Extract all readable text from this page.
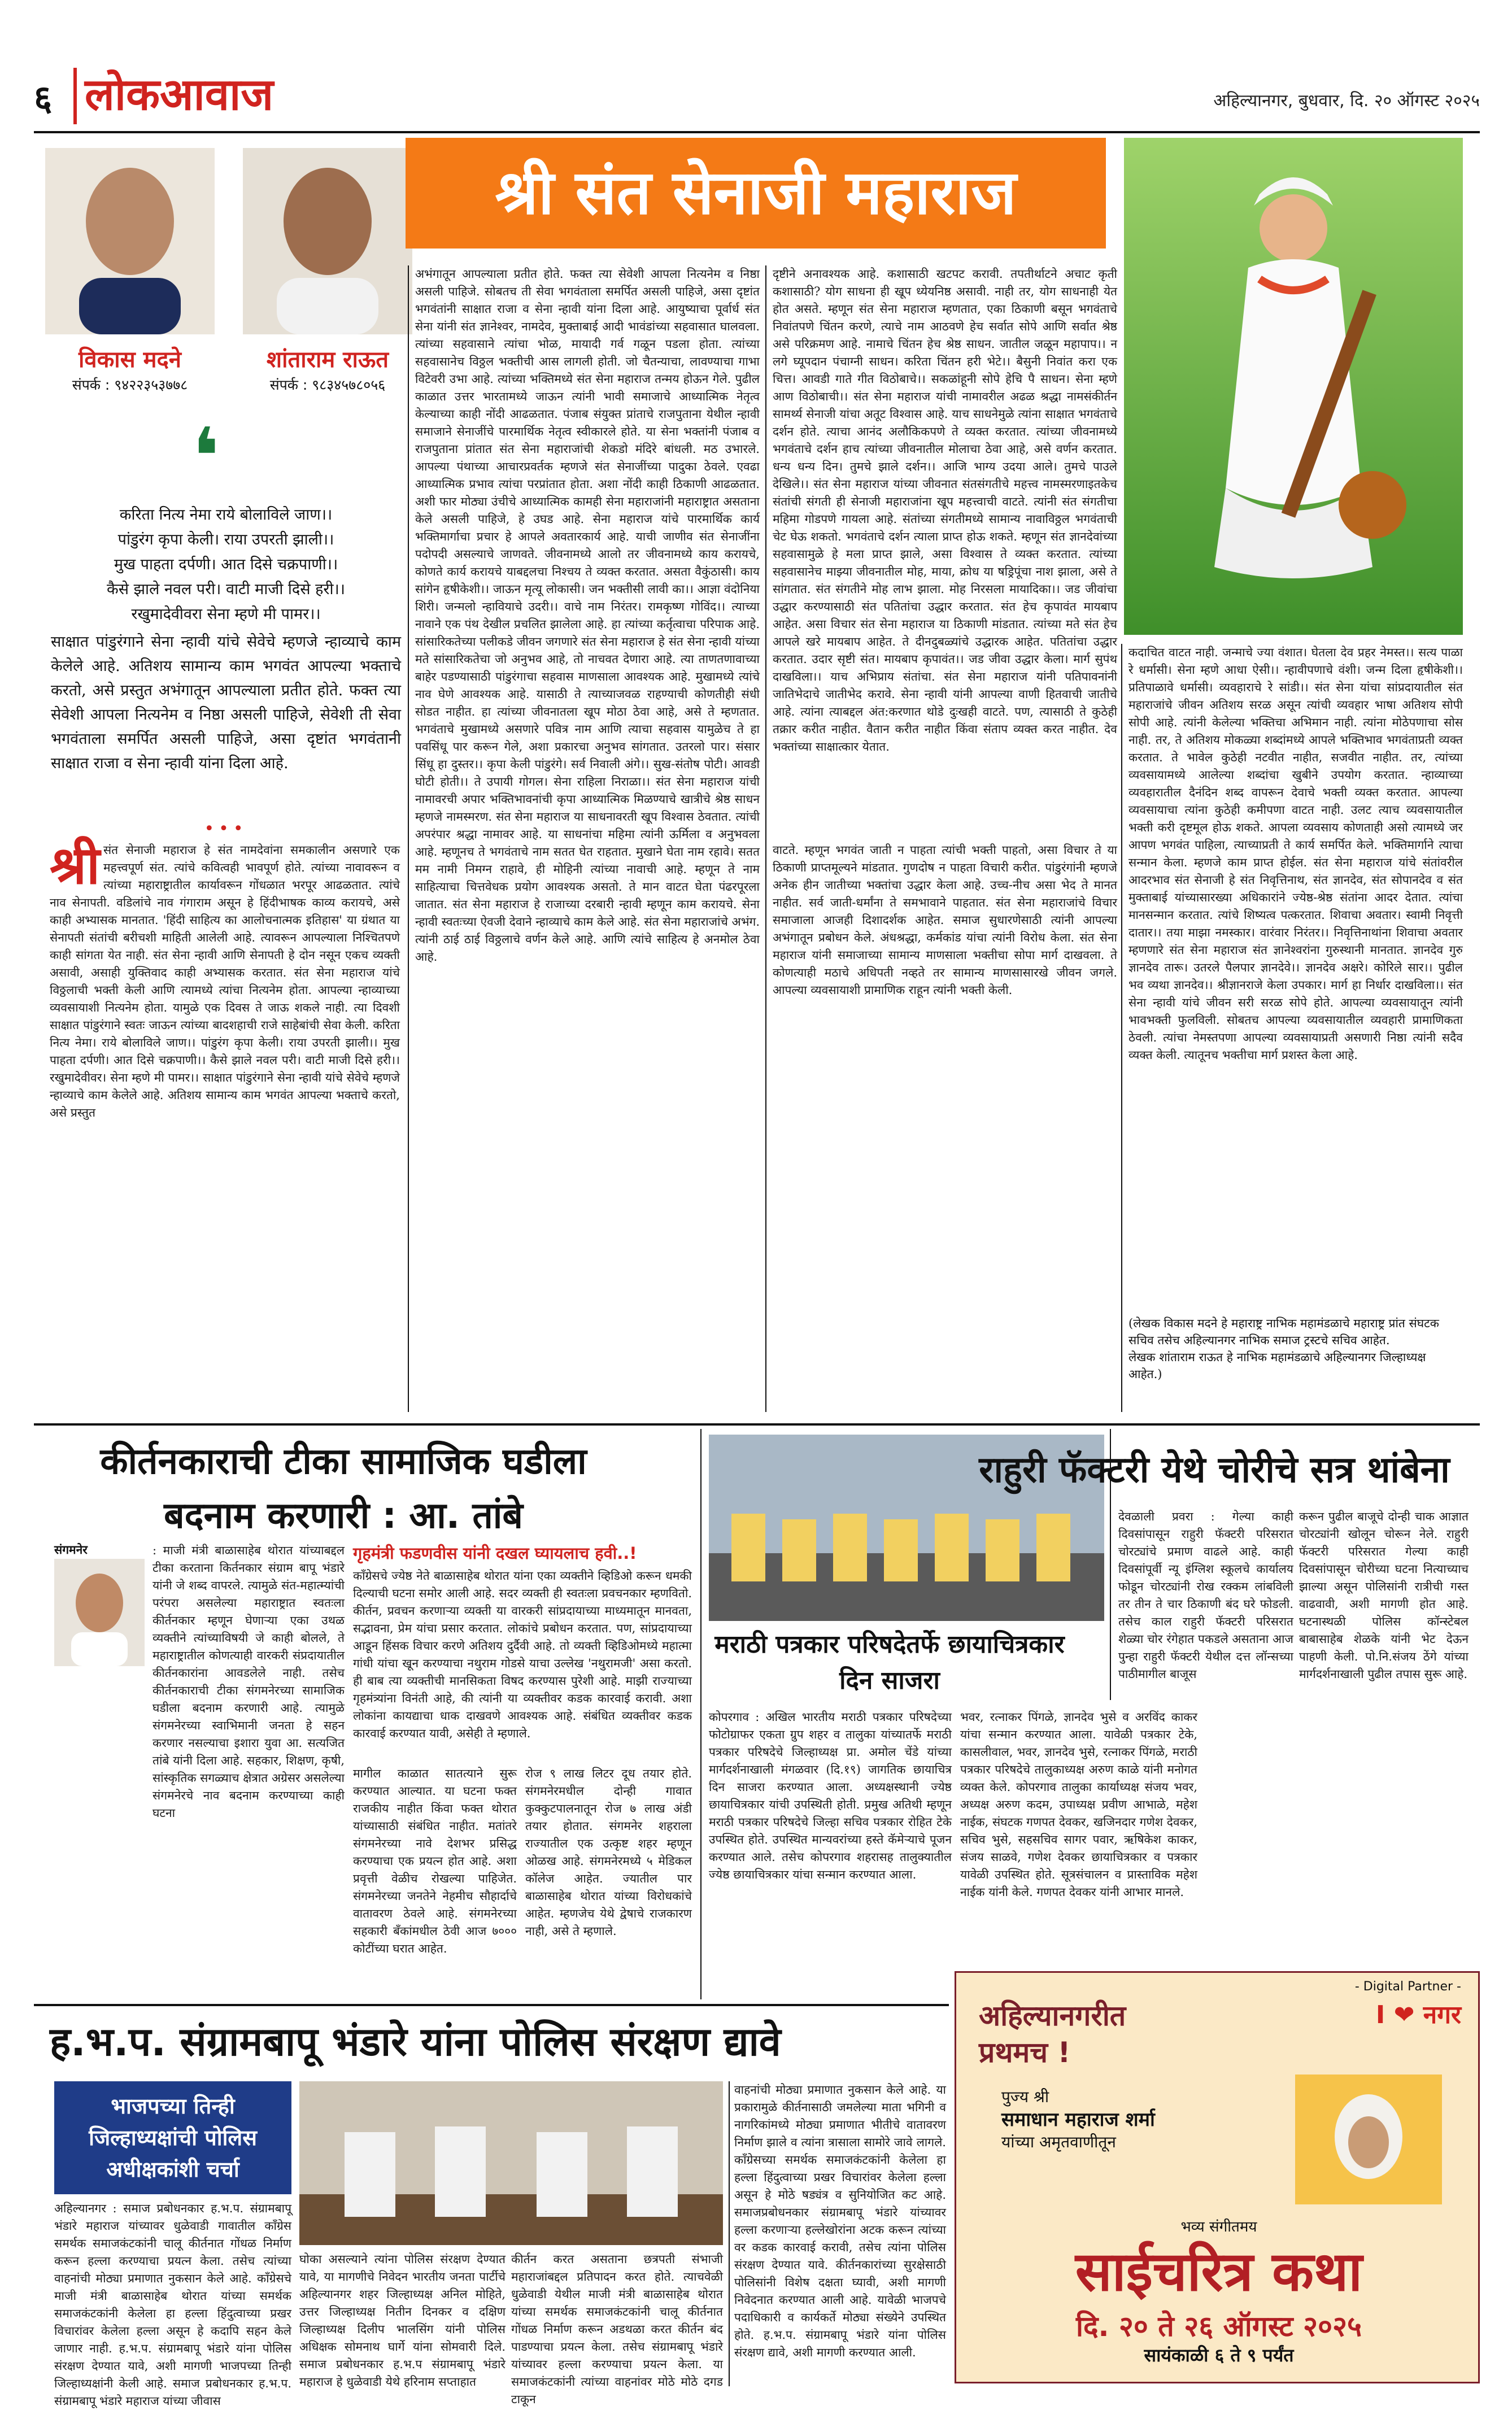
६ लोकआवाज	अहिल्यानगर, बुधवार, दि. २० ऑगस्ट २०२५
विकास मदने
संपर्क : ९४२२३५३७७८
शांताराम राऊत
संपर्क : ९८३४५७८०५६
❛
करिता नित्य नेमा राये बोलाविले जाण।।
पांडुरंग कृपा केली। राया उपरती झाली।।
मुख पाहता दर्पणी। आत दिसे चक्रपाणी।।
कैसे झाले नवल परी। वाटी माजी दिसे हरी।।
रखुमादेवीवरा सेना म्हणे मी पामर।।
साक्षात पांडुरंगाने सेना न्हावी यांचे सेवेचे म्हणजे न्हाव्याचे काम केलेले आहे. अतिशय सामान्य काम भगवंत आपल्या भक्ताचे करतो, असे प्रस्तुत अभंगातून आपल्याला प्रतीत होते. फक्त त्या सेवेशी आपला नित्यनेम व निष्ठा असली पाहिजे, सेवेशी ती सेवा भगवंताला समर्पित असली पाहिजे, असा दृष्टांत भगवंतानी साक्षात राजा व सेना न्हावी यांना दिला आहे.
•••
श्री संत सेनाजी महाराज
श्री संत सेनाजी महाराज हे संत नामदेवांना समकालीन असणारे एक महत्त्वपूर्ण संत. त्यांचे कवित्वही भावपूर्ण होते. त्यांच्या नावावरून व त्यांच्या महाराष्ट्रातील कार्यावरून गोंधळात भरपूर आढळतात. त्यांचे नाव सेनापती. वडिलांचे नाव गंगाराम असून हे हिंदीभाषक काव्य करायचे, असे काही अभ्यासक मानतात. 'हिंदी साहित्य का आलोचनात्मक इतिहास' या ग्रंथात या सेनापती संतांची बरीचशी माहिती आलेली आहे. त्यावरून आपल्याला निश्चितपणे काही सांगता येत नाही. संत सेना न्हावी आणि सेनापती हे दोन नसून एकच व्यक्ती असावी, असाही युक्तिवाद काही अभ्यासक करतात. संत सेना महाराज यांचे विठ्ठलाची भक्ती केली आणि त्यामध्ये त्यांचा नित्यनेम होता. आपल्या न्हाव्याच्या व्यवसायाशी नित्यनेम होता. यामुळे एक दिवस ते जाऊ शकले नाही. त्या दिवशी साक्षात पांडुरंगाने स्वतः जाऊन त्यांच्या बादशहाची राजे साहेबांची सेवा केली. करिता नित्य नेमा। राये बोलाविले जाण।। पांडुरंग कृपा केली। राया उपरती झाली।। मुख पाहता दर्पणी। आत दिसे चक्रपाणी।। कैसे झाले नवल परी। वाटी माजी दिसे हरी।। रखुमादेवीवर। सेना म्हणे मी पामर।। साक्षात पांडुरंगाने सेना न्हावी यांचे सेवेचे म्हणजे न्हाव्याचे काम केलेले आहे. अतिशय सामान्य काम भगवंत आपल्या भक्ताचे करतो, असे प्रस्तुत
अभंगातून आपल्याला प्रतीत होते. फक्त त्या सेवेशी आपला नित्यनेम व निष्ठा असली पाहिजे. सोबतच ती सेवा भगवंताला समर्पित असली पाहिजे, असा दृष्टांत भगवंतांनी साक्षात राजा व सेना न्हावी यांना दिला आहे. आयुष्याचा पूर्वार्ध संत सेना यांनी संत ज्ञानेश्वर, नामदेव, मुक्ताबाई आदी भावंडांच्या सहवासात घालवला. त्यांच्या सहवासाने त्यांचा भोळ, मायादी गर्व गळून पडला होता. त्यांच्या सहवासानेच विठ्ठल भक्तीची आस लागली होती. जो चैतन्याचा, लावण्याचा गाभा विटेवरी उभा आहे. त्यांच्या भक्तिमध्ये संत सेना महाराज तन्मय होऊन गेले. पुढील काळात उत्तर भारतामध्ये जाऊन त्यांनी भावी समाजाचे आध्यात्मिक नेतृत्व केल्याच्या काही नोंदी आढळतात. पंजाब संयुक्त प्रांताचे राजपुताना येथील न्हावी समाजाने सेनाजींचे पारमार्थिक नेतृत्व स्वीकारले होते. या सेना भक्तांनी पंजाब व राजपुताना प्रांतात संत सेना महाराजांची शेकडो मंदिरे बांधली. मठ उभारले. आपल्या पंथाच्या आचारप्रवर्तक म्हणजे संत सेनाजींच्या पादुका ठेवले. एवढा आध्यात्मिक प्रभाव त्यांचा परप्रांतात होता. अशा नोंदी काही ठिकाणी आढळतात. अशी फार मोठ्या उंचीचे आध्यात्मिक कामही सेना महाराजांनी महाराष्ट्रात असताना केले असली पाहिजे, हे उघड आहे. सेना महाराज यांचे पारमार्थिक कार्य भक्तिमार्गाचा प्रचार हे आपले अवतारकार्य आहे. याची जाणीव संत सेनाजींना पदोपदी असल्याचे जाणवते. जीवनामध्ये आलो तर जीवनामध्ये काय करायचे, कोणते कार्य करायचे याबद्दलचा निश्चय ते व्यक्त करतात. असता वैकुंठासी। काय सांगेन हृषीकेशी।। जाऊन मृत्यू लोकासी। जन भक्तीसी लावी का।। आज्ञा वंदोनिया शिरी। जन्मलो न्हावियाचे उदरी।। वाचे नाम निरंतर। रामकृष्ण गोविंद।। त्याच्या नावाने एक पंथ देखील प्रचलित झालेला आहे. हा त्यांच्या कर्तृत्वाचा परिपाक आहे. सांसारिकतेच्या पलीकडे जीवन जगणारे संत सेना महाराज हे संत सेना न्हावी यांच्या मते सांसारिकतेचा जो अनुभव आहे, तो नाचवत देणारा आहे. त्या ताणतणावाच्या बाहेर पडण्यासाठी पांडुरंगाचा सहवास माणसाला आवश्यक आहे. मुखामध्ये त्यांचे नाव घेणे आवश्यक आहे. यासाठी ते त्याच्याजवळ राहण्याची कोणतीही संधी सोडत नाहीत. हा त्यांच्या जीवनातला खूप मोठा ठेवा आहे, असे ते म्हणतात. भगवंताचे मुखामध्ये असणारे पवित्र नाम आणि त्याचा सहवास यामुळेच ते हा पवसिंधू पार करून गेले, अशा प्रकारचा अनुभव सांगतात. उतरलो पार। संसार सिंधू हा दुस्तर।। कृपा केली पांडुरंगे। सर्व निवाली अंगे।। सुख-संतोष पोटी। आवडी घोटी होती।। ते उपायी गोगल। सेना राहिला निराळा।। संत सेना महाराज यांची नामावरची अपार भक्तिभावनांची कृपा आध्यात्मिक मिळण्याचे खात्रीचे श्रेष्ठ साधन म्हणजे नामस्मरण. संत सेना महाराज या साधनावरती खूप विश्वास ठेवतात. त्यांची अपरंपार श्रद्धा नामावर आहे. या साधनांचा महिमा त्यांनी ऊर्मिला व अनुभवला आहे. म्हणूनच ते भगवंताचे नाम सतत घेत राहतात. मुखाने घेता नाम रहावे। सतत मम नामी निमग्न राहावे, ही मोहिनी त्यांच्या नावाची आहे. म्हणून ते नाम साहित्याचा चित्तवेधक प्रयोग आवश्यक असतो. ते मान वाटत घेता पंढरपूरला जातात. संत सेना महाराज हे राजाच्या दरबारी न्हावी म्हणून काम करायचे. सेना न्हावी स्वतःच्या ऐवजी देवाने न्हाव्याचे काम केले आहे. संत सेना महाराजांचे अभंग. त्यांनी ठाई ठाई विठ्ठलाचे वर्णन केले आहे. आणि त्यांचे साहित्य हे अनमोल ठेवा आहे.
दृष्टीने अनावश्यक आहे. कशासाठी खटपट करावी. तपतीर्थाटने अचाट कृती कशासाठी? योग साधना ही खूप ध्येयनिष्ठ असावी. नाही तर, योग साधनाही येत होत असते. म्हणून संत सेना महाराज म्हणतात, एका ठिकाणी बसून भगवंताचे निवांतपणे चिंतन करणे, त्याचे नाम आठवणे हेच सर्वात सोपे आणि सर्वात श्रेष्ठ असे परिक्रमण आहे. नामाचे चिंतन हेच श्रेष्ठ साधन. जातील जळून महापाप।। न लगे घ्यूपदान पंचाग्नी साधन। करिता चिंतन हरी भेटे।। बैसुनी निवांत करा एक चित्त। आवडी गाते गीत विठोबाचे।। सकळांहूनी सोपे हेचि पै साधन। सेना म्हणे आण विठोबाची।। संत सेना महाराज यांची नामावरील अढळ श्रद्धा नामसंकीर्तन सामर्थ्य सेनाजी यांचा अतूट विश्वास आहे. याच साधनेमुळे त्यांना साक्षात भगवंताचे दर्शन होते. त्याचा आनंद अलौकिकपणे ते व्यक्त करतात. त्यांच्या जीवनामध्ये भगवंताचे दर्शन हाच त्यांच्या जीवनातील मोलाचा ठेवा आहे, असे वर्णन करतात. धन्य धन्य दिन। तुमचे झाले दर्शन।। आजि भाग्य उदया आले। तुमचे पाउले देखिले।। संत सेना महाराज यांच्या जीवनात संतसंगतीचे महत्त्व नामस्मरणाइतकेच संतांची संगती ही सेनाजी महाराजांना खूप महत्त्वाची वाटते. त्यांनी संत संगतीचा महिमा गोडपणे गायला आहे. संतांच्या संगतीमध्ये सामान्य नावाविठ्ठल भगवंताची चेट घेऊ शकतो. भगवंताचे दर्शन त्याला प्राप्त होऊ शकते. म्हणून संत ज्ञानदेवांच्या सहवासामुळे हे मला प्राप्त झाले, असा विश्वास ते व्यक्त करतात. त्यांच्या सहवासानेच माझ्या जीवनातील मोह, माया, क्रोध या षड्रिपूंचा नाश झाला, असे ते सांगतात. संत संगतीने मोह लाभ झाला. मोह निरसला मायादिका।। जड जीवांचा उद्धार करण्यासाठी संत पतितांचा उद्धार करतात. संत हेच कृपावंत मायबाप आहेत. असा विचार संत सेना महाराज या ठिकाणी मांडतात. त्यांच्या मते संत हेच आपले खरे मायबाप आहेत. ते दीनदुबळ्यांचे उद्धारक आहेत. पतितांचा उद्धार करतात. उदार सृष्टी संत। मायबाप कृपावंत।। जड जीवा उद्धार केला। मार्ग सुपंथ दाखविला।। याच अभिप्राय संतांचा. संत सेना महाराज यांनी पतिपावनांनी जातिभेदाचे जातीभेद करावे. सेना न्हावी यांनी आपल्या वाणी हितवाची जातीचे आहे. त्यांना त्याबद्दल अंत:करणात थोडे दुःखही वाटते. पण, त्यासाठी ते कुठेही तक्रार करीत नाहीत. वैतान करीत नाहीत किंवा संताप व्यक्त करत नाहीत. देव भक्तांच्या साक्षात्कार येतात.
वाटते. म्हणून भगवंत जाती न पाहता त्यांची भक्ती पाहतो, असा विचार ते या ठिकाणी प्राप्तमूल्यने मांडतात. गुणदोष न पाहता विचारी करीत. पांडुरंगांनी म्हणजे अनेक हीन जातीच्या भक्तांचा उद्धार केला आहे. उच्च-नीच असा भेद ते मानत नाहीत. सर्व जाती-धर्मांना ते समभावाने पाहतात. संत सेना महाराजांचे विचार समाजाला आजही दिशादर्शक आहेत. समाज सुधारणेसाठी त्यांनी आपल्या अभंगातून प्रबोधन केले. अंधश्रद्धा, कर्मकांड यांचा त्यांनी विरोध केला. संत सेना महाराज यांनी समाजाच्या सामान्य माणसाला भक्तीचा सोपा मार्ग दाखवला. ते कोणत्याही मठाचे अधिपती नव्हते तर सामान्य माणसासारखे जीवन जगले. आपल्या व्यवसायाशी प्रामाणिक राहून त्यांनी भक्ती केली.
कदाचित वाटत नाही. जन्माचे ज्या वंशात। घेतला देव प्रहर नेमस्त।। सत्य पाळा रे धर्मासी। सेना म्हणे आधा ऐसी।। न्हावीपणाचे वंशी। जन्म दिला हृषीकेशी।। प्रतिपाळावे धर्मासी। व्यवहाराचे रे सांडी।। संत सेना यांचा सांप्रदायातील संत महाराजांचे जीवन अतिशय सरळ असून त्यांची व्यवहार भाषा अतिशय सोपी सोपी आहे. त्यांनी केलेल्या भक्तिचा अभिमान नाही. त्यांना मोठेपणाचा सोस नाही. तर, ते अतिशय मोकळ्या शब्दांमध्ये आपले भक्तिभाव भगवंताप्रती व्यक्त करतात. ते भावेल कुठेही नटवीत नाहीत, सजवीत नाहीत. तर, त्यांच्या व्यवसायामध्ये आलेल्या शब्दांचा खुबीने उपयोग करतात. न्हाव्याच्या व्यवहारातील दैनंदिन शब्द वापरून देवाचे भक्ती व्यक्त करतात. आपल्या व्यवसायाचा त्यांना कुठेही कमीपणा वाटत नाही. उलट त्याच व्यवसायातील भक्ती करी दृष्टमूल होऊ शकते. आपला व्यवसाय कोणताही असो त्यामध्ये जर आपण भगवंत पाहिला, त्याच्याप्रती ते कार्य समर्पित केले. भक्तिमार्गाने त्याचा सन्मान केला. म्हणजे काम प्राप्त होईल. संत सेना महाराज यांचे संतांवरील आदरभाव संत सेनाजी हे संत निवृत्तिनाथ, संत ज्ञानदेव, संत सोपानदेव व संत मुक्ताबाई यांच्यासारख्या अधिकारांने ज्येष्ठ-श्रेष्ठ संतांना आदर देतात. त्यांचा मानसन्मान करतात. त्यांचे शिष्यत्व पत्करतात. शिवाचा अवतार। स्वामी निवृत्ती दातार।। तया माझा नमस्कार। वारंवार निरंतर।। निवृत्तिनाथांना शिवाचा अवतार म्हणणारे संत सेना महाराज संत ज्ञानेश्वरांना गुरुस्थानी मानतात. ज्ञानदेव गुरु ज्ञानदेव तारू। उतरले पैलपार ज्ञानदेवे।। ज्ञानदेव अक्षरे। कोरिले सार।। पुढील भव व्यथा ज्ञानदेव।। श्रीज्ञानराजे केला उपकार। मार्ग हा निर्धार दाखविला।। संत सेना न्हावी यांचे जीवन सरी सरळ सोपे होते. आपल्या व्यवसायातून त्यांनी भावभक्ती फुलविली. सोबतच आपल्या व्यवसायातील व्यवहारी प्रामाणिकता ठेवली. त्यांचा नेमस्तपणा आपल्या व्यवसायाप्रती असणारी निष्ठा त्यांनी सदैव व्यक्त केली. त्यातूनच भक्तीचा मार्ग प्रशस्त केला आहे.
(लेखक विकास मदने हे महाराष्ट्र नाभिक महामंडळाचे महाराष्ट्र प्रांत संघटक सचिव तसेच अहिल्यानगर नाभिक समाज ट्रस्टचे सचिव आहेत.
लेखक शांताराम राऊत हे नाभिक महामंडळाचे अहिल्यानगर जिल्हाध्यक्ष आहेत.)
कीर्तनकाराची टीका सामाजिक घडीला बदनाम करणारी : आ. तांबे
संगमनेर	: माजी मंत्री बाळासाहेब थोरात यांच्याबद्दल टीका करताना किर्तनकार संग्राम बापू भंडारे यांनी जे शब्द वापरले. त्यामुळे संत-महात्म्यांची परंपरा असलेल्या महाराष्ट्रात स्वतःला कीर्तनकार म्हणून घेणाऱ्या एका उथळ व्यक्तीने त्यांच्याविषयी जे काही बोलले, ते महाराष्ट्रातील कोणत्याही वारकरी संप्रदायातील कीर्तनकारांना आवडलेले नाही. तसेच कीर्तनकाराची टीका संगमनेरच्या सामाजिक घडीला बदनाम करणारी आहे. त्यामुळे संगमनेरच्या स्वाभिमानी जनता हे सहन करणार नसल्याचा इशारा युवा आ. सत्यजित तांबे यांनी दिला आहे. सहकार, शिक्षण, कृषी, सांस्कृतिक सगळ्याच क्षेत्रात अग्रेसर असलेल्या संगमनेरचे नाव बदनाम करण्याच्या काही घटना
गृहमंत्री फडणवीस यांनी दखल घ्यायलाच हवी..!
काँग्रेसचे ज्येष्ठ नेते बाळासाहेब थोरात यांना एका व्यक्तीने व्हिडिओ करून धमकी दिल्याची घटना समोर आली आहे. सदर व्यक्ती ही स्वतःला प्रवचनकार म्हणवितो. कीर्तन, प्रवचन करणाऱ्या व्यक्ती या वारकरी सांप्रदायाच्या माध्यमातून मानवता, सद्भावना, प्रेम यांचा प्रसार करतात. लोकांचे प्रबोधन करतात. पण, सांप्रदायाच्या आडून हिंसक विचार करणे अतिशय दुर्दैवी आहे. तो व्यक्ती व्हिडिओमध्ये महात्मा गांधी यांचा खून करण्याचा नथुराम गोडसे याचा उल्लेख 'नथुरामजी' असा करतो. ही बाब त्या व्यक्तीची मानसिकता विषद करण्यास पुरेशी आहे. माझी राज्याच्या गृहमंत्र्यांना विनंती आहे, की त्यांनी या व्यक्तीवर कडक कारवाई करावी. अशा लोकांना कायद्याचा धाक दाखवणे आवश्यक आहे. संबंधित व्यक्तीवर कडक कारवाई करण्यात यावी, असेही ते म्हणाले.
मागील काळात सातत्याने सुरू करण्यात आल्यात. या घटना फक्त राजकीय नाहीत किंवा फक्त थोरात यांच्यासाठी संबंधित नाहीत. मतांतरे संगमनेरच्या नावे देशभर प्रसिद्ध करण्याचा एक प्रयत्न होत आहे. अशा प्रवृत्ती वेळीच रोखल्या पाहिजेत. संगमनेरच्या जनतेने नेहमीच सौहार्दाचे वातावरण ठेवले आहे. संगमनेरच्या सहकारी बँकांमधील ठेवी आज ७००० कोटींच्या घरात आहेत.
रोज ९ लाख लिटर दूध तयार होते. संगमनेरमधील दोन्ही गावात कुक्कुटपालनातून रोज ७ लाख अंडी तयार होतात. संगमनेर शहराला राज्यातील एक उत्कृष्ट शहर म्हणून ओळख आहे. संगमनेरमध्ये ५ मेडिकल कॉलेज आहेत. ज्यातील पार बाळासाहेब थोरात यांच्या विरोधकांचे आहेत. म्हणजेच येथे द्वेषाचे राजकारण नाही, असे ते म्हणाले.
मराठी पत्रकार परिषदेतर्फे छायाचित्रकार दिन साजरा
कोपरगाव : अखिल भारतीय मराठी पत्रकार परिषदेच्या फोटोग्राफर एकता ग्रुप शहर व तालुका यांच्यातर्फे मराठी पत्रकार परिषदेचे जिल्हाध्यक्ष प्रा. अमोल चेंडे यांच्या मार्गदर्शनाखाली मंगळवार (दि.१९) जागतिक छायाचित्र दिन साजरा करण्यात आला. अध्यक्षस्थानी ज्येष्ठ छायाचित्रकार यांची उपस्थिती होती. प्रमुख अतिथी म्हणून मराठी पत्रकार परिषदेचे जिल्हा सचिव पत्रकार रोहित टेके उपस्थित होते. उपस्थित मान्यवरांच्या हस्ते कॅमेऱ्याचे पूजन करण्यात आले. तसेच कोपरगाव शहरासह तालुक्यातील ज्येष्ठ छायाचित्रकार यांचा सन्मान करण्यात आला.
भवर, रत्नाकर पिंगळे, ज्ञानदेव भुसे व अरविंद काकर यांचा सन्मान करण्यात आला. यावेळी पत्रकार टेके, कासलीवाल, भवर, ज्ञानदेव भुसे, रत्नाकर पिंगळे, मराठी पत्रकार परिषदेचे तालुकाध्यक्ष अरुण काळे यांनी मनोगत व्यक्त केले. कोपरगाव तालुका कार्याध्यक्ष संजय भवर, अध्यक्ष अरुण कदम, उपाध्यक्ष प्रवीण आभाळे, महेश नाईक, संघटक गणपत देवकर, खजिनदार गणेश देवकर, सचिव भुसे, सहसचिव सागर पवार, ऋषिकेश काकर, संजय साळवे, गणेश देवकर छायाचित्रकार व पत्रकार यावेळी उपस्थित होते. सूत्रसंचालन व प्रास्ताविक महेश नाईक यांनी केले. गणपत देवकर यांनी आभार मानले.
राहुरी फॅक्टरी येथे चोरीचे सत्र थांबेना
देवळाली प्रवरा : गेल्या काही दिवसांपासून राहुरी फॅक्टरी परिसरात चोरट्यांचे प्रमाण वाढले आहे. काही दिवसांपूर्वी न्यू इंग्लिश स्कूलचे कार्यालय फोडून चोरट्यांनी रोख रक्कम लांबविली तर तीन ते चार ठिकाणी बंद घरे फोडली. तसेच काल राहुरी फॅक्टरी परिसरात शेळ्या चोर रंगेहात पकडले असताना आज पुन्हा राहुरी फॅक्टरी येथील दत्त लॉन्सच्या पाठीमागील बाजूस
करून पुढील बाजूचे दोन्ही चाक आज्ञात चोरट्यांनी खोलून चोरून नेले. राहुरी फॅक्टरी परिसरात गेल्या काही दिवसांपासून चोरीच्या घटना नित्याच्याच झाल्या असून पोलिसांनी रात्रीची गस्त वाढवावी, अशी मागणी होत आहे. घटनास्थळी पोलिस कॉन्स्टेबल बाबासाहेब शेळके यांनी भेट देऊन पाहणी केली. पो.नि.संजय ठेंगे यांच्या मार्गदर्शनाखाली पुढील तपास सुरू आहे.
- Digital Partner -
I ❤ नगर
अहिल्यानगरीत
प्रथमच !
पुज्य श्री
समाधान महाराज शर्मा
यांच्या अमृतवाणीतून
भव्य संगीतमय
साईचरित्र कथा
दि. २० ते २६ ऑगस्ट २०२५
सायंकाळी ६ ते ९ पर्यंत
ह.भ.प. संग्रामबापू भंडारे यांना पोलिस संरक्षण द्यावे
भाजपच्या तिन्ही जिल्हाध्यक्षांची पोलिस अधीक्षकांशी चर्चा
अहिल्यानगर : समाज प्रबोधनकार ह.भ.प. संग्रामबापू भंडारे महाराज यांच्यावर धुळेवाडी गावातील काँग्रेस समर्थक समाजकंटकांनी चालू कीर्तनात गोंधळ निर्माण करून हल्ला करण्याचा प्रयत्न केला. तसेच त्यांच्या वाहनांची मोठ्या प्रमाणात नुकसान केले आहे. काँग्रेसचे माजी मंत्री बाळासाहेब थोरात यांच्या समर्थक समाजकंटकांनी केलेला हा हल्ला हिंदुत्वाच्या प्रखर विचारांवर केलेला हल्ला असून हे कदापि सहन केले जाणार नाही. ह.भ.प. संग्रामबापू भंडारे यांना पोलिस संरक्षण देण्यात यावे, अशी मागणी भाजपच्या तिन्ही जिल्हाध्यक्षांनी केली आहे. समाज प्रबोधनकार ह.भ.प. संग्रामबापू भंडारे महाराज यांच्या जीवास
घोका असल्याने त्यांना पोलिस संरक्षण देण्यात यावे, या मागणीचे निवेदन भारतीय जनता पार्टीचे अहिल्यानगर शहर जिल्हाध्यक्ष अनिल मोहिते, उत्तर जिल्हाध्यक्ष नितीन दिनकर व दक्षिण जिल्हाध्यक्ष दिलीप भालसिंग यांनी पोलिस अधिक्षक सोमनाथ घार्गे यांना सोमवारी दिले. समाज प्रबोधनकार ह.भ.प संग्रामबापू भंडारे महाराज हे धुळेवाडी येथे हरिनाम सप्ताहात
कीर्तन करत असताना छत्रपती संभाजी महाराजांबद्दल प्रतिपादन करत होते. त्याचवेळी धुळेवाडी येथील माजी मंत्री बाळासाहेब थोरात यांच्या समर्थक समाजकंटकांनी चालू कीर्तनात गोंधळ निर्माण करून अडथळा करत कीर्तन बंद पाडण्याचा प्रयत्न केला. तसेच संग्रामबापू भंडारे यांच्यावर हल्ला करण्याचा प्रयत्न केला. या समाजकंटकांनी त्यांच्या वाहनांवर मोठे मोठे दगड टाकून
वाहनांची मोठ्या प्रमाणात नुकसान केले आहे. या प्रकारामुळे कीर्तनासाठी जमलेल्या माता भगिनी व नागरिकांमध्ये मोठ्या प्रमाणात भीतीचे वातावरण निर्माण झाले व त्यांना त्रासाला सामोरे जावे लागले. काँग्रेसच्या समर्थक समाजकंटकांनी केलेला हा हल्ला हिंदुत्वाच्या प्रखर विचारांवर केलेला हल्ला असून हे मोठे षड्यंत्र व सुनियोजित कट आहे. समाजप्रबोधनकार संग्रामबापू भंडारे यांच्यावर हल्ला करणाऱ्या हल्लेखोरांना अटक करून त्यांच्या वर कडक कारवाई करावी, तसेच त्यांना पोलिस संरक्षण देण्यात यावे. कीर्तनकारांच्या सुरक्षेसाठी पोलिसांनी विशेष दक्षता घ्यावी, अशी मागणी निवेदनात करण्यात आली आहे. यावेळी भाजपचे पदाधिकारी व कार्यकर्ते मोठ्या संख्येने उपस्थित होते. ह.भ.प. संग्रामबापू भंडारे यांना पोलिस संरक्षण द्यावे, अशी मागणी करण्यात आली.
